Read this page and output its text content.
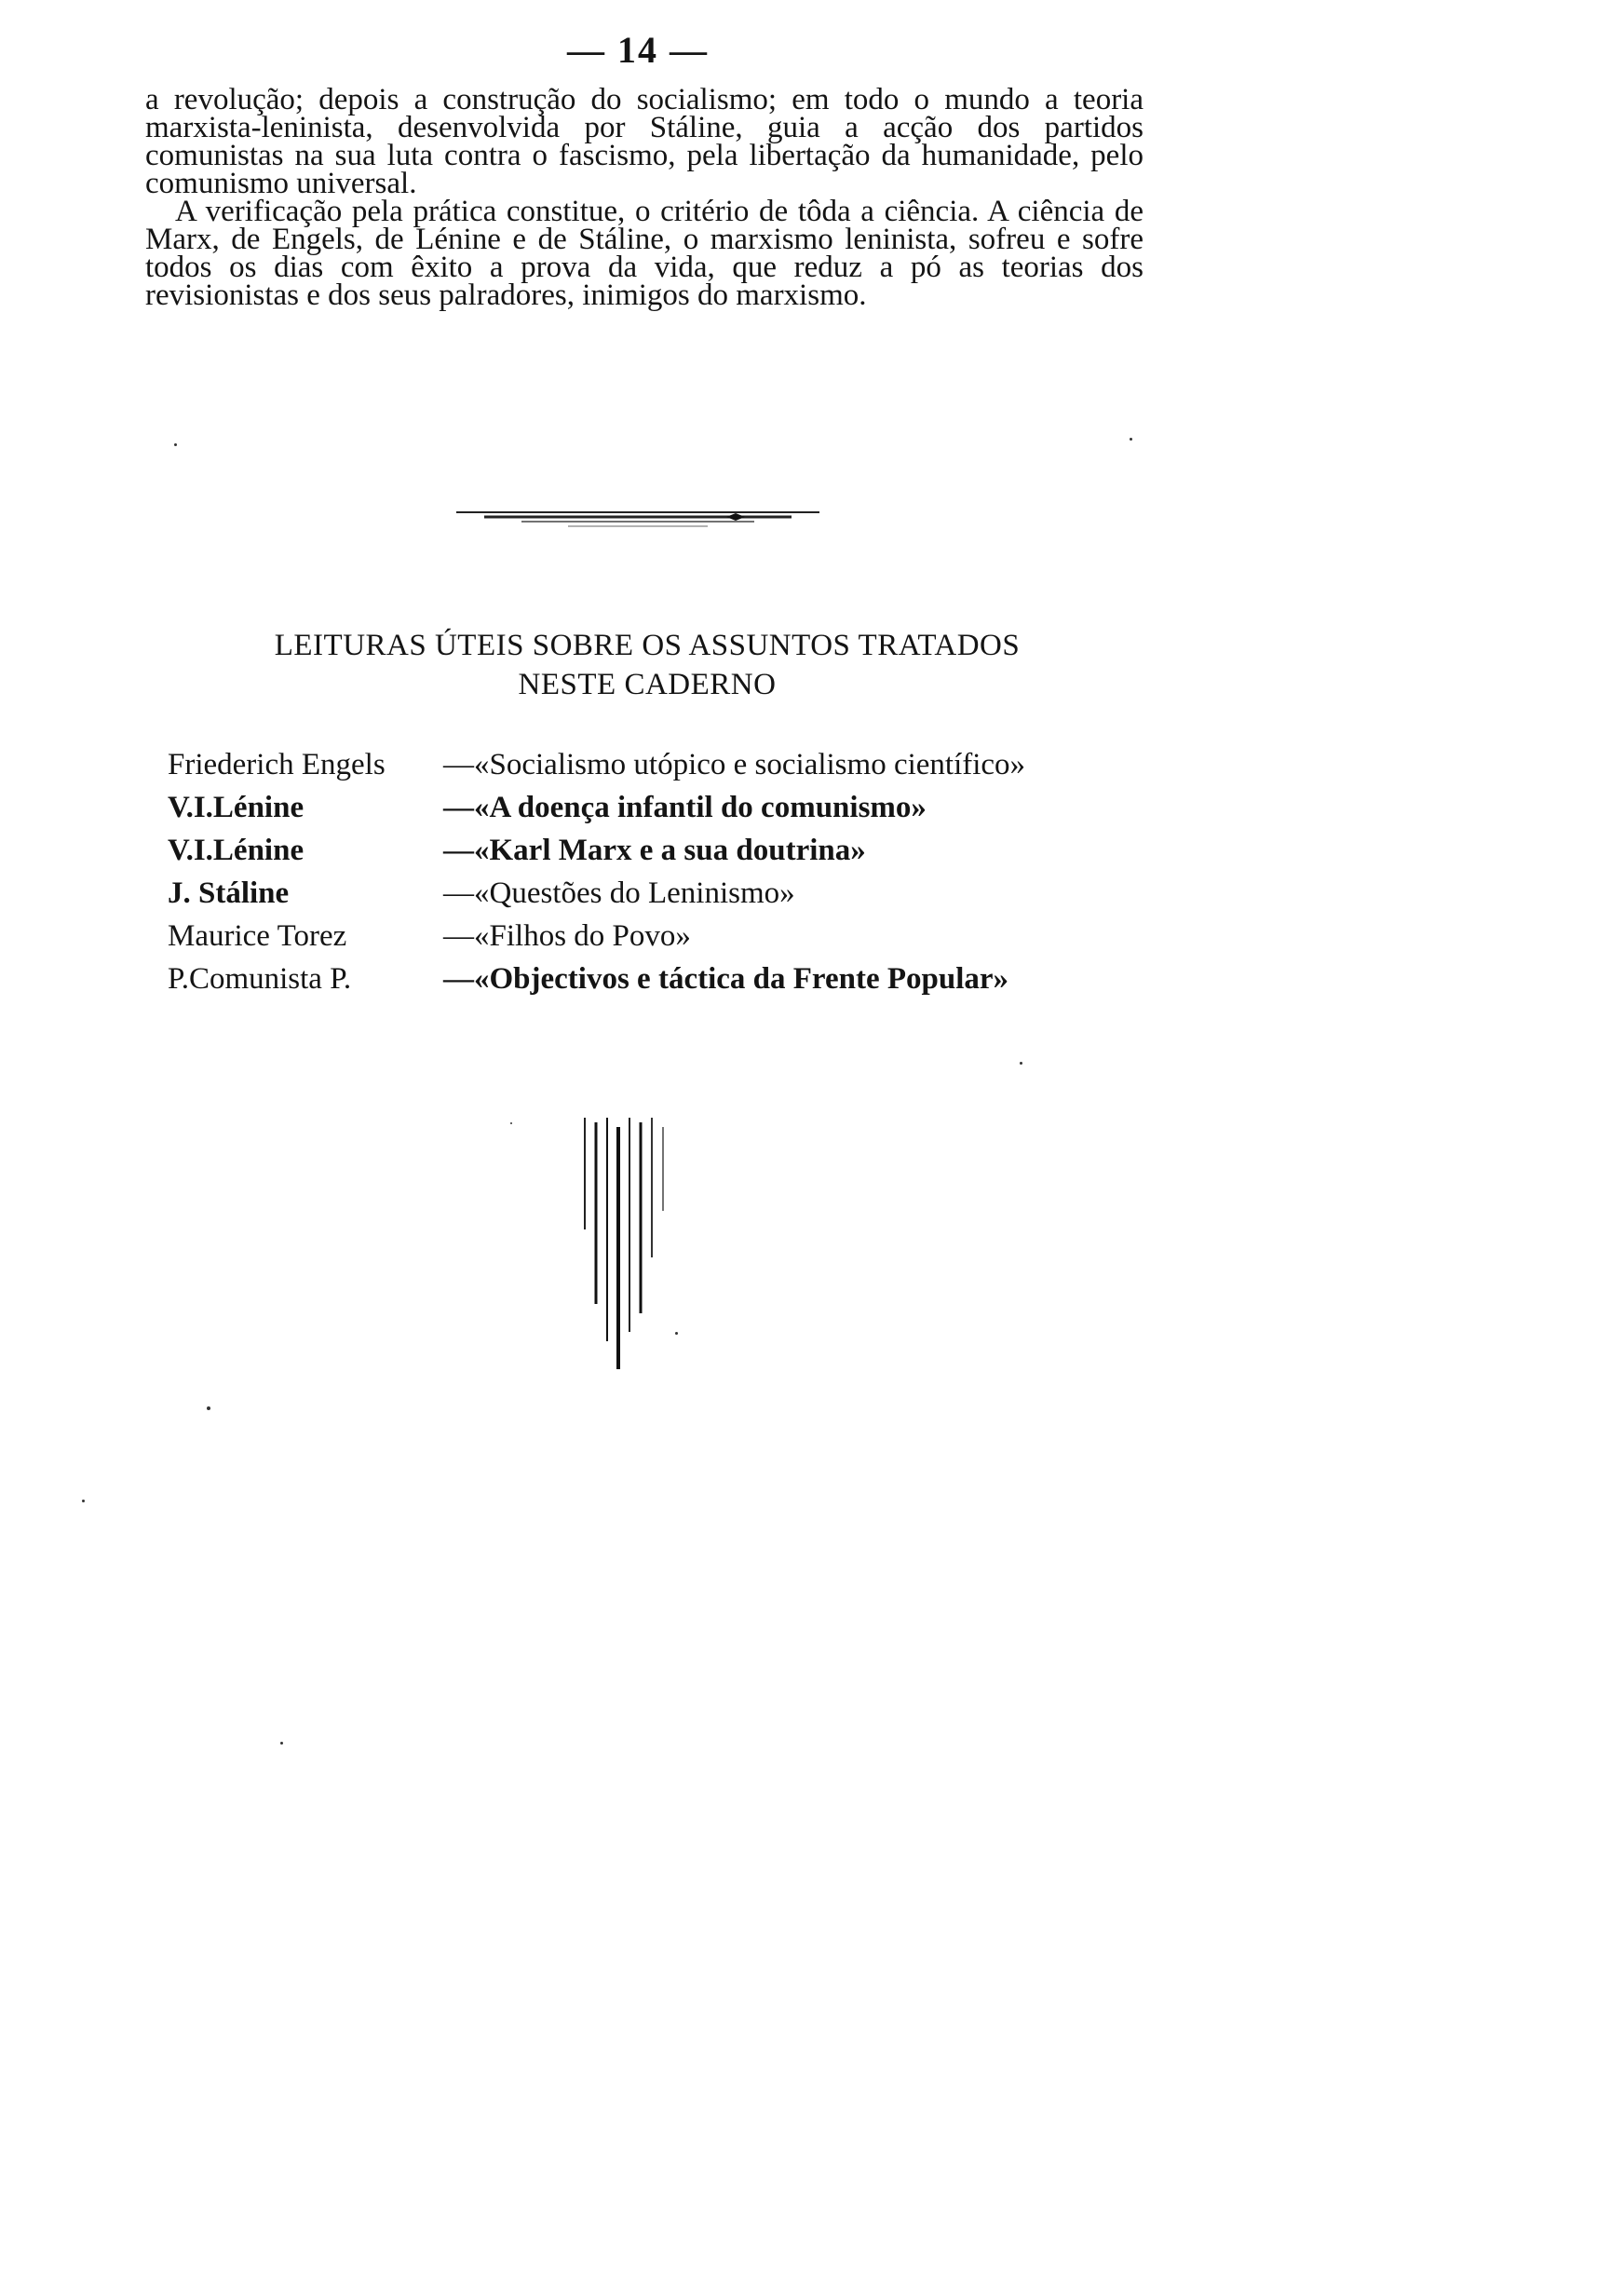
— 14 —

a revolução; depois a construção do socialismo; em todo o mundo a teoria marxista-leninista, desenvolvida por Stáline, guia a acção dos partidos comunistas na sua luta contra o fascismo, pela libertação da humanidade, pelo comunismo universal.

A verificação pela prática constitue, o critério de tôda a ciência. A ciência de Marx, de Engels, de Lénine e de Stáline, o marxismo leninista, sofreu e sofre todos os dias com êxito a prova da vida, que reduz a pó as teorias dos revisionistas e dos seus palradores, inimigos do marxismo.

LEITURAS ÚTEIS SOBRE OS ASSUNTOS TRATADOS
NESTE CADERNO
Friederich Engels	—«Socialismo utópico e socialismo científico»
V.I.Lénine	—«A doença infantil do comunismo»
V.I.Lénine	—«Karl Marx e a sua doutrina»
J. Stáline	—«Questões do Leninismo»
Maurice Torez	—«Filhos do Povo»
P.Comunista P.	—«Objectivos e táctica da Frente Popular»
